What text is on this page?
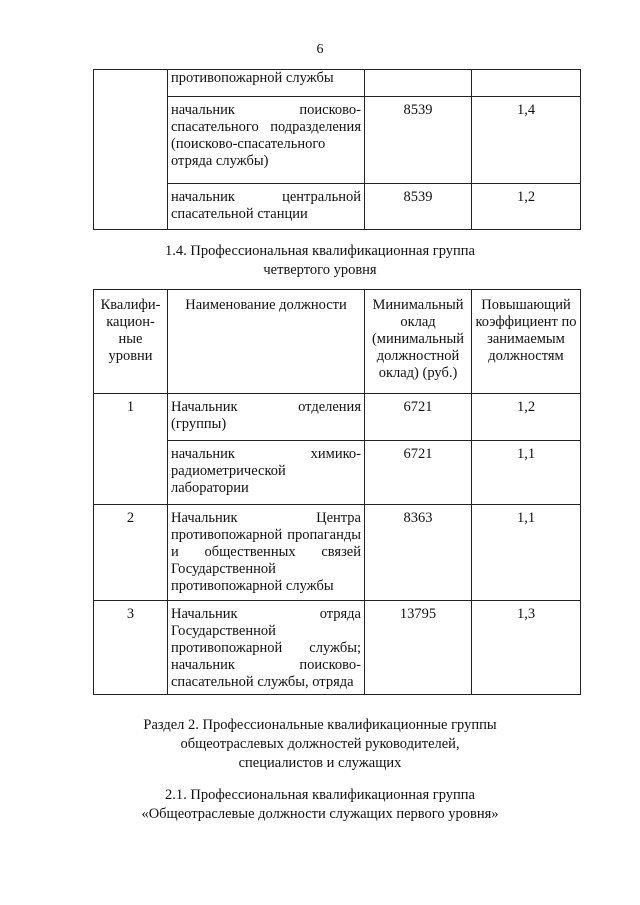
6
	противопожарной службы		
	начальник поисково-спасательного подразделения (поисково-спасательного отряда службы)	8539	1,4
	начальник центральной спасательной станции	8539	1,2
1.4. Профессиональная квалификационная группа
четвертого уровня
Квалифи-кацион-ные уровни	Наименование должности	Минимальный оклад (минимальный должностной оклад) (руб.)	Повышающий коэффициент по занимаемым должностям
1	Начальник отделения (группы)	6721	1,2
	начальник химико-радиометрической лаборатории	6721	1,1
2	Начальник Центра противопожарной пропаганды и общественных связей Государственной противопожарной службы	8363	1,1
3	Начальник отряда Государственной противопожарной службы; начальник поисково-спасательной службы, отряда	13795	1,3
Раздел 2. Профессиональные квалификационные группы
общеотраслевых должностей руководителей,
специалистов и служащих
2.1. Профессиональная квалификационная группа
«Общеотраслевые должности служащих первого уровня»
